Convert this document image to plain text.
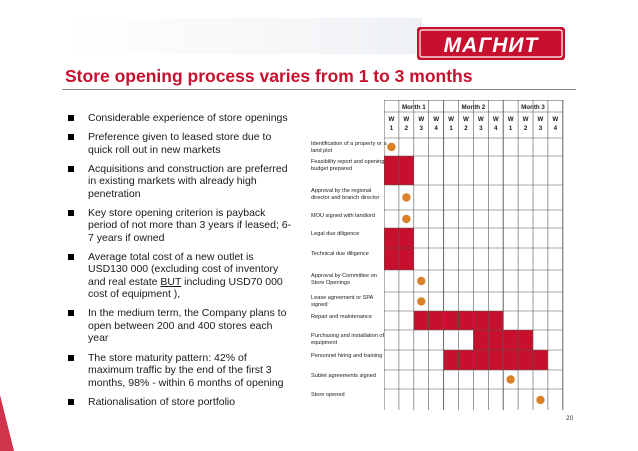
МАГНИТ
Store opening process varies from 1 to 3 months
Considerable experience of store openings
Preference given to leased store due to quick roll out in new markets
Acquisitions and construction are preferred in existing markets with already high penetration
Key store opening criterion is payback period of not more than 3 years if leased; 6-7 years if owned
Average total cost of a new outlet is USD130 000 (excluding cost of inventory and real estate BUT including USD70 000 cost of equipment ),
In the medium term, the Company plans to open between 200 and 400 stores each year
The store maturity pattern: 42% of maximum traffic by the end of the first 3 months, 98% - within 6 months of opening
Rationalisation of store portfolio
Identification of a property or a land plot
Feasibility report and opening budget prepared
Approval by the regional director and branch director
MOU signed with landlord
Legal due diligence
Technical due diligence
Approval by Committee on Store Openings
Lease agreement or SPA signed
Repair and maintenance
Purchasing and installation of equipment
Personnel hiring and training
Sublet agreements signed
Store opened
Month 1	Month 2	Month 3
W
1
W
2
W
3
W
4
W
1
W
2
W
3
W
4
W
1
W
2
W
3
W
4
20
